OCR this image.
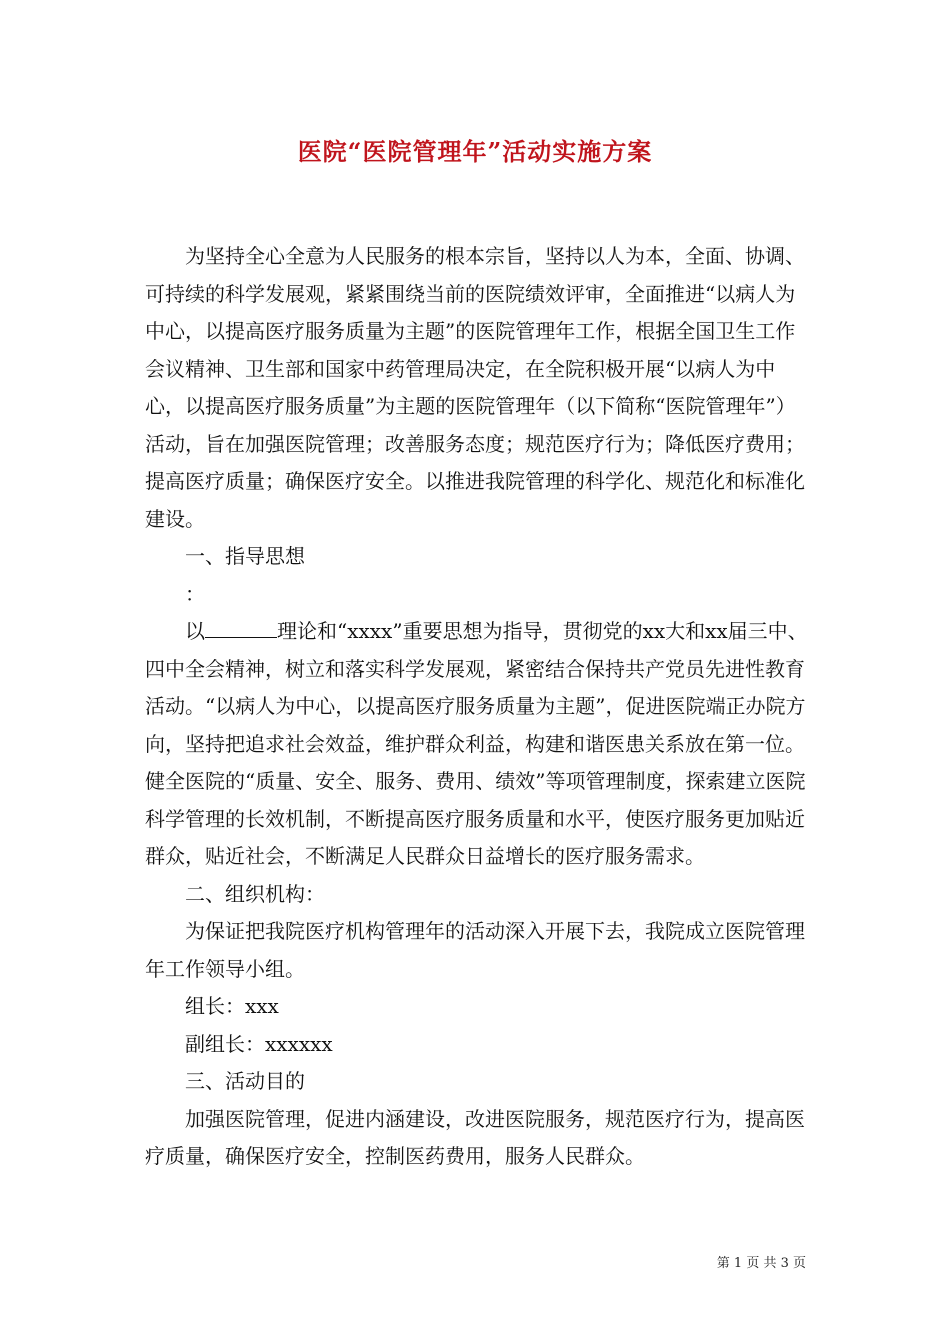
医院“医院管理年”活动实施方案

为坚持全心全意为人民服务的根本宗旨，坚持以人为本，全面、协调、可持续的科学发展观，紧紧围绕当前的医院绩效评审，全面推进“以病人为中心，以提高医疗服务质量为主题”的医院管理年工作，根据全国卫生工作会议精神、卫生部和国家中药管理局决定，在全院积极开展“以病人为中心，以提高医疗服务质量”为主题的医院管理年（以下简称“医院管理年”）活动，旨在加强医院管理；改善服务态度；规范医疗行为；降低医疗费用；提高医疗质量；确保医疗安全。以推进我院管理的科学化、规范化和标准化建设。

一、指导思想

：

以	理论和“xxxx”重要思想为指导，贯彻党的xx大和xx届三中、四中全会精神，树立和落实科学发展观，紧密结合保持共产党员先进性教育活动。“以病人为中心，以提高医疗服务质量为主题”，促进医院端正办院方向，坚持把追求社会效益，维护群众利益，构建和谐医患关系放在第一位。健全医院的“质量、安全、服务、费用、绩效”等项管理制度，探索建立医院科学管理的长效机制，不断提高医疗服务质量和水平，使医疗服务更加贴近群众，贴近社会，不断满足人民群众日益增长的医疗服务需求。

二、组织机构：

为保证把我院医疗机构管理年的活动深入开展下去，我院成立医院管理年工作领导小组。

组长：xxx

副组长：xxxxxx

三、活动目的

加强医院管理，促进内涵建设，改进医院服务，规范医疗行为，提高医疗质量，确保医疗安全，控制医药费用，服务人民群众。

第 1 页 共 3 页
